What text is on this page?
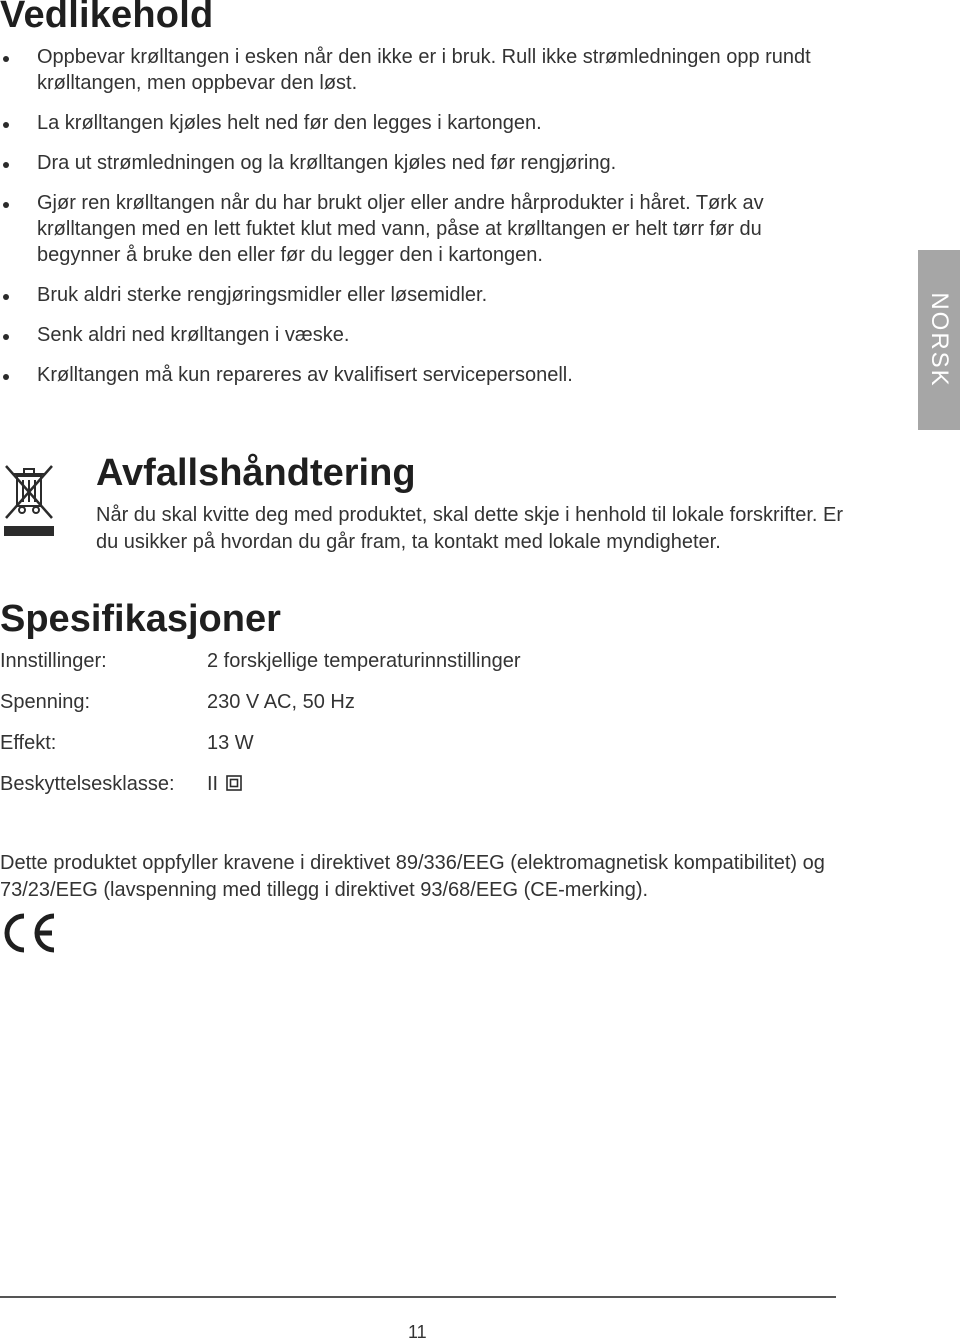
Vedlikehold
Oppbevar krølltangen i esken når den ikke er i bruk. Rull ikke strømledningen opp rundt krølltangen, men oppbevar den løst.
La krølltangen kjøles helt ned før den legges i kartongen.
Dra ut strømledningen og la krølltangen kjøles ned før rengjøring.
Gjør ren krølltangen når du har brukt oljer eller andre hårprodukter i håret. Tørk av krølltangen med en lett fuktet klut med vann, påse at krølltangen er helt tørr før du begynner å bruke den eller før du legger den i kartongen.
Bruk aldri sterke rengjøringsmidler eller løsemidler.
Senk aldri ned krølltangen i væske.
Krølltangen må kun repareres av kvalifisert servicepersonell.	NORSK
Avfallshåndtering

Når du skal kvitte deg med produktet, skal dette skje i henhold til lokale forskrifter. Er du usikker på hvordan du går fram, ta kontakt med lokale myndigheter.

Spesifikasjoner
Innstillinger:	2 forskjellige temperaturinnstillinger
Spenning:	230 V AC, 50 Hz
Effekt:	13 W
Beskyttelsesklasse: II

Dette produktet oppfyller kravene i direktivet 89/336/EEG (elektromagnetisk kompatibilitet) og 73/23/EEG (lavspenning med tillegg i direktivet 93/68/EEG (CE-merking).

11
